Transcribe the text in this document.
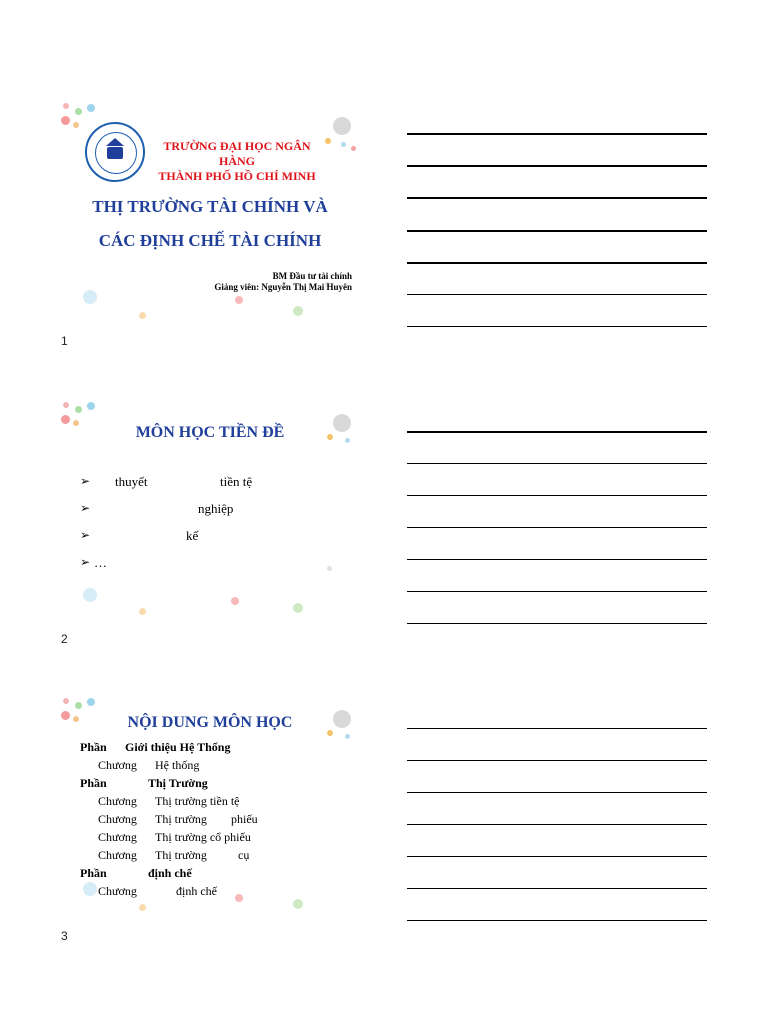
TRƯỜNG ĐẠI HỌC NGÂN HÀNG
THÀNH PHỐ HỒ CHÍ MINH
THỊ TRƯỜNG TÀI CHÍNH VÀ
CÁC ĐỊNH CHẾ TÀI CHÍNH
BM Đầu tư tài chính
Giảng viên: Nguyễn Thị Mai Huyên
1
MÔN HỌC TIỀN ĐỀ
➢ thuyết	tiền tệ
➢	nghiệp
➢	kế
➢ …
2
NỘI DUNG MÔN HỌC
Phần Giới thiệu Hệ Thống
Chương Hệ thống
Phần	Thị Trường
Chương Thị trường tiền tệ
Chương Thị trường phiếu
Chương Thị trường cổ phiếu
Chương Thị trường	cụ
Phần	định chế
Chương	định chế
3
